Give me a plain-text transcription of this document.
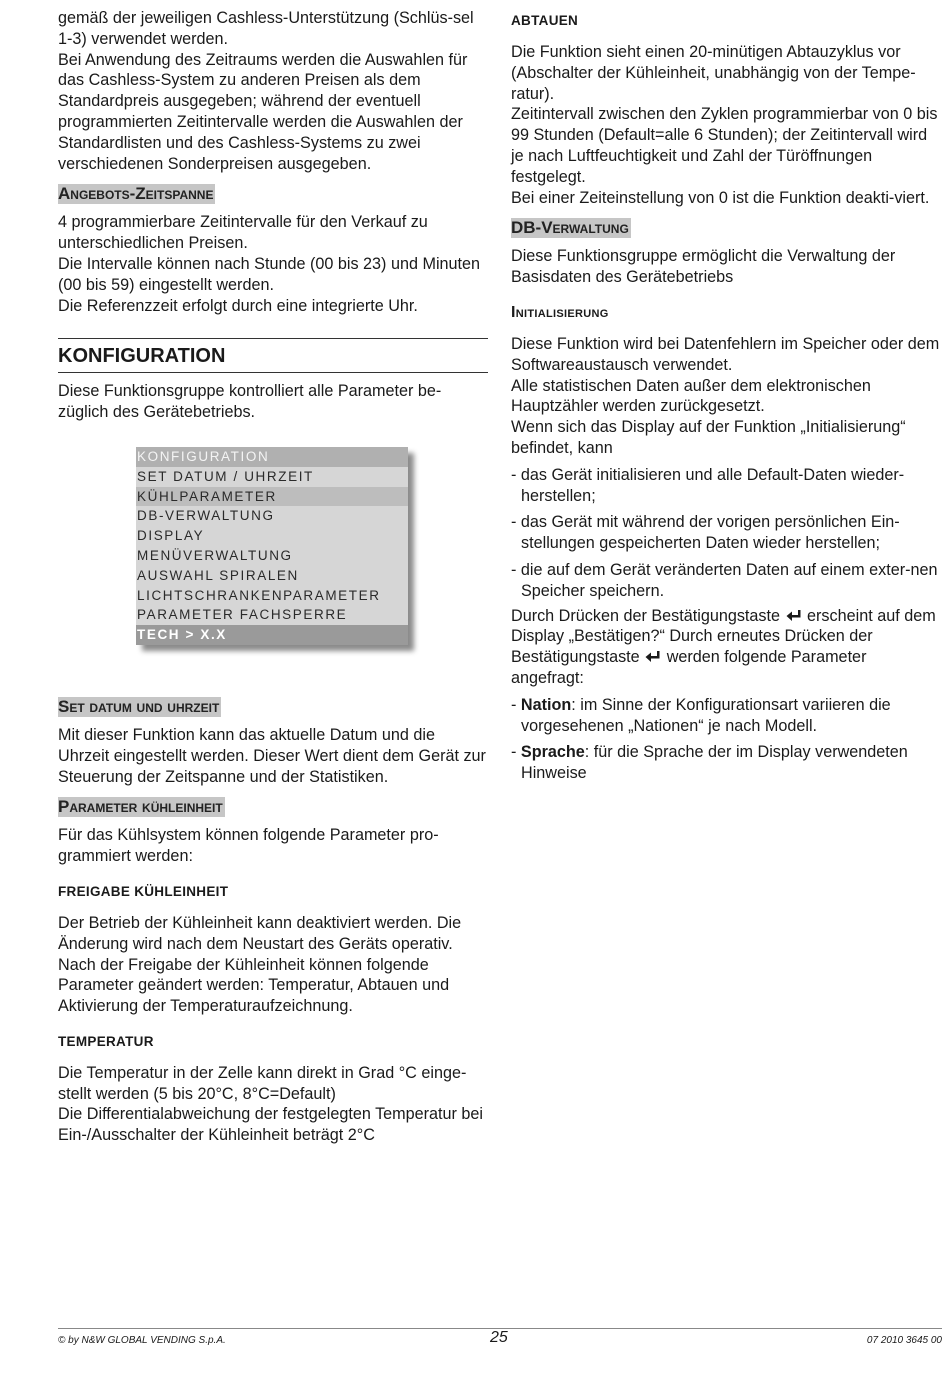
gemäß der jeweiligen Cashless-Unterstützung (Schlüs-sel 1-3) verwendet werden.

Bei Anwendung des Zeitraums werden die Auswahlen für das Cashless-System zu anderen Preisen als dem Standardpreis ausgegeben; während der eventuell programmierten Zeitintervalle werden die Auswahlen der Standardlisten und des Cashless-Systems zu zwei verschiedenen Sonderpreisen ausgegeben.

Angebots-Zeitspanne

4 programmierbare Zeitintervalle für den Verkauf zu unterschiedlichen Preisen.

Die Intervalle können nach Stunde (00 bis 23) und Minuten (00 bis 59) eingestellt werden.

Die Referenzzeit erfolgt durch eine integrierte Uhr.

KONFIGURATION

Diese Funktionsgruppe kontrolliert alle Parameter be-züglich des Gerätebetriebs.

KONFIGURATION
SET DATUM / UHRZEIT
KÜHLPARAMETER
DB-VERWALTUNG
DISPLAY
MENÜVERWALTUNG
AUSWAHL SPIRALEN
LICHTSCHRANKENPARAMETER
PARAMETER FACHSPERRE
TECH > X.X
Set datum und uhrzeit

Mit dieser Funktion kann das aktuelle Datum und die Uhrzeit eingestellt werden. Dieser Wert dient dem Gerät zur Steuerung der Zeitspanne und der Statistiken.

Parameter kühleinheit

Für das Kühlsystem können folgende Parameter pro-grammiert werden:

FREIGABE KÜHLEINHEIT

Der Betrieb der Kühleinheit kann deaktiviert werden. Die Änderung wird nach dem Neustart des Geräts operativ. Nach der Freigabe der Kühleinheit können folgende Parameter geändert werden: Temperatur, Abtauen und Aktivierung der Temperaturaufzeichnung.

TEMPERATUR

Die Temperatur in der Zelle kann direkt in Grad °C einge-stellt werden (5 bis 20°C, 8°C=Default)

Die Differentialabweichung der festgelegten Temperatur bei Ein-/Ausschalter der Kühleinheit beträgt 2°C

ABTAUEN

Die Funktion sieht einen 20-minütigen Abtauzyklus vor (Abschalter der Kühleinheit, unabhängig von der Tempe-ratur).

Zeitintervall zwischen den Zyklen programmierbar von 0 bis 99 Stunden (Default=alle 6 Stunden); der Zeitintervall wird je nach Luftfeuchtigkeit und Zahl der Türöffnungen festgelegt.

Bei einer Zeiteinstellung von 0 ist die Funktion deakti-viert.

DB-Verwaltung

Diese Funktionsgruppe ermöglicht die Verwaltung der Basisdaten des Gerätebetriebs

Initialisierung

Diese Funktion wird bei Datenfehlern im Speicher oder dem Softwareaustausch verwendet.

Alle statistischen Daten außer dem elektronischen Hauptzähler werden zurückgesetzt.

Wenn sich das Display auf der Funktion „Initialisierung“ befindet, kann

- das Gerät initialisieren und alle Default-Daten wieder-herstellen;

- das Gerät mit während der vorigen persönlichen Ein-stellungen gespeicherten Daten wieder herstellen;

- die auf dem Gerät veränderten Daten auf einem exter-nen Speicher speichern.

Durch Drücken der Bestätigungstaste erscheint auf dem Display „Bestätigen?“ Durch erneutes Drücken der Bestätigungstaste werden folgende Parameter angefragt:

- Nation: im Sinne der Konfigurationsart variieren die vorgesehenen „Nationen“ je nach Modell.

- Sprache: für die Sprache der im Display verwendeten Hinweise

© by N&W GLOBAL VENDING S.p.A.	25	07 2010 3645 00
